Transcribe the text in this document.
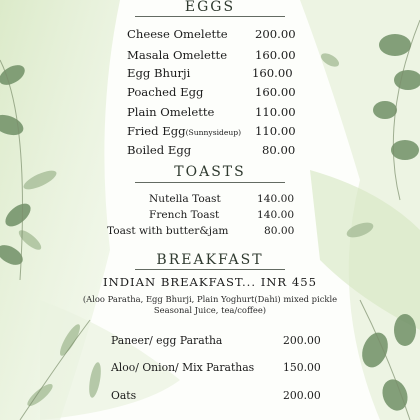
EGGS
Cheese Omelette 200.00
Masala Omelette 160.00
Egg Bhurji	160.00
Poached Egg	160.00
Plain Omelette	110.00
Fried Egg(Sunnysideup) 110.00
Boiled Egg	80.00
TOASTS
Nutella Toast	140.00
French Toast	140.00
Toast with butter&jam	80.00
BREAKFAST
INDIAN BREAKFAST... INR 455
(Aloo Paratha, Egg Bhurji, Plain Yoghurt(Dahi) mixed pickle
Seasonal Juice, tea/coffee)
Paneer/ egg Paratha	200.00
Aloo/ Onion/ Mix Parathas	150.00
Oats	200.00
